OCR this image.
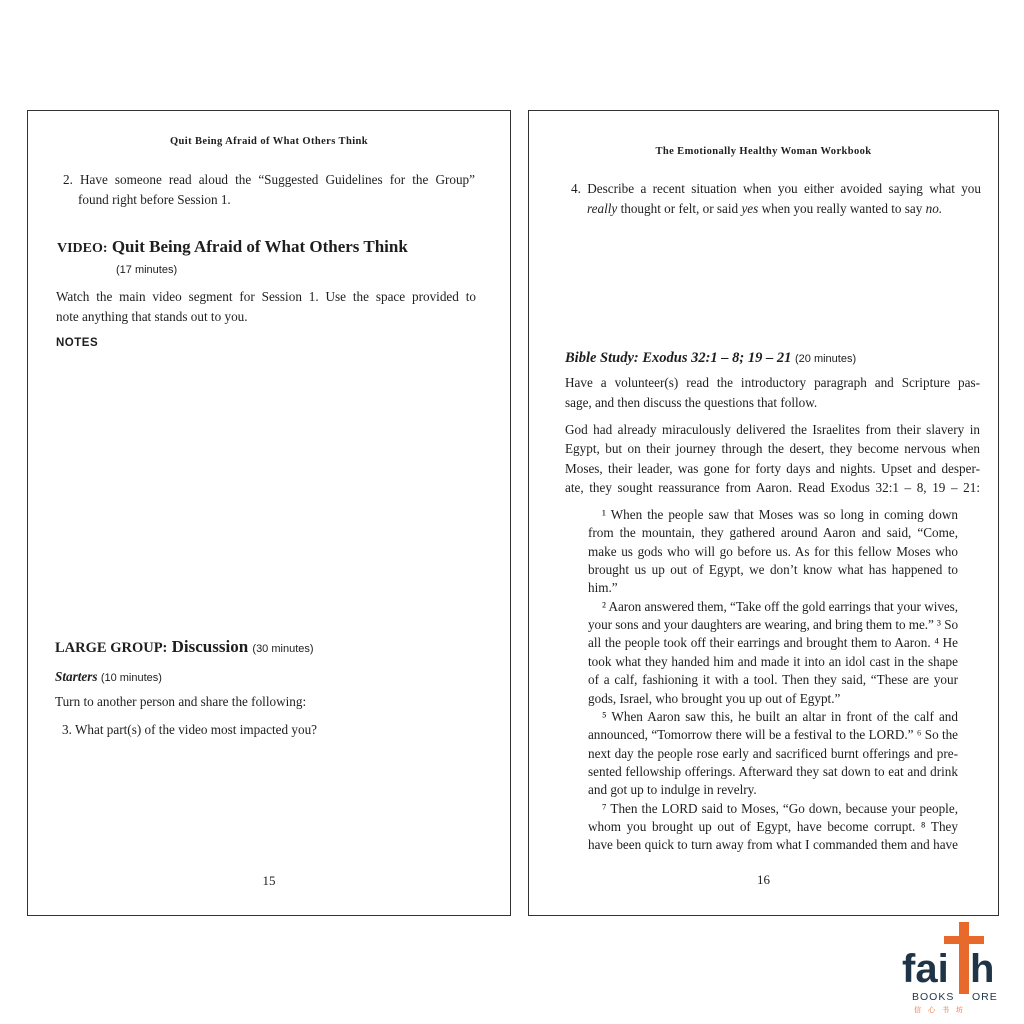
Quit Being Afraid of What Others Think
2. Have someone read aloud the “Suggested Guidelines for the Group”
found right before Session 1.
VIDEO: Quit Being Afraid of What Others Think
(17 minutes)
Watch the main video segment for Session 1. Use the space provided to
note anything that stands out to you.
NOTES
LARGE GROUP: Discussion (30 minutes)
Starters (10 minutes)
Turn to another person and share the following:
3. What part(s) of the video most impacted you?
15
The Emotionally Healthy Woman Workbook
4. Describe a recent situation when you either avoided saying what you
really thought or felt, or said yes when you really wanted to say no.
Bible Study: Exodus 32:1 – 8; 19 – 21 (20 minutes)
Have a volunteer(s) read the introductory paragraph and Scripture pas-
sage, and then discuss the questions that follow.
God had already miraculously delivered the Israelites from their slavery in
Egypt, but on their journey through the desert, they become nervous when
Moses, their leader, was gone for forty days and nights. Upset and desper-
ate, they sought reassurance from Aaron. Read Exodus 32:1 – 8, 19 – 21:
¹ When the people saw that Moses was so long in coming down
from the mountain, they gathered around Aaron and said, “Come,
make us gods who will go before us. As for this fellow Moses who
brought us up out of Egypt, we don’t know what has happened to
him.”
² Aaron answered them, “Take off the gold earrings that your wives,
your sons and your daughters are wearing, and bring them to me.” ³ So
all the people took off their earrings and brought them to Aaron. ⁴ He
took what they handed him and made it into an idol cast in the shape
of a calf, fashioning it with a tool. Then they said, “These are your
gods, Israel, who brought you up out of Egypt.”
⁵ When Aaron saw this, he built an altar in front of the calf and
announced, “Tomorrow there will be a festival to the LORD.” ⁶ So the
next day the people rose early and sacrificed burnt offerings and pre-
sented fellowship offerings. Afterward they sat down to eat and drink
and got up to indulge in revelry.
⁷ Then the LORD said to Moses, “Go down, because your people,
whom you brought up out of Egypt, have become corrupt. ⁸ They
have been quick to turn away from what I commanded them and have
16
fai h
BOOKS ORE
信心书坊
